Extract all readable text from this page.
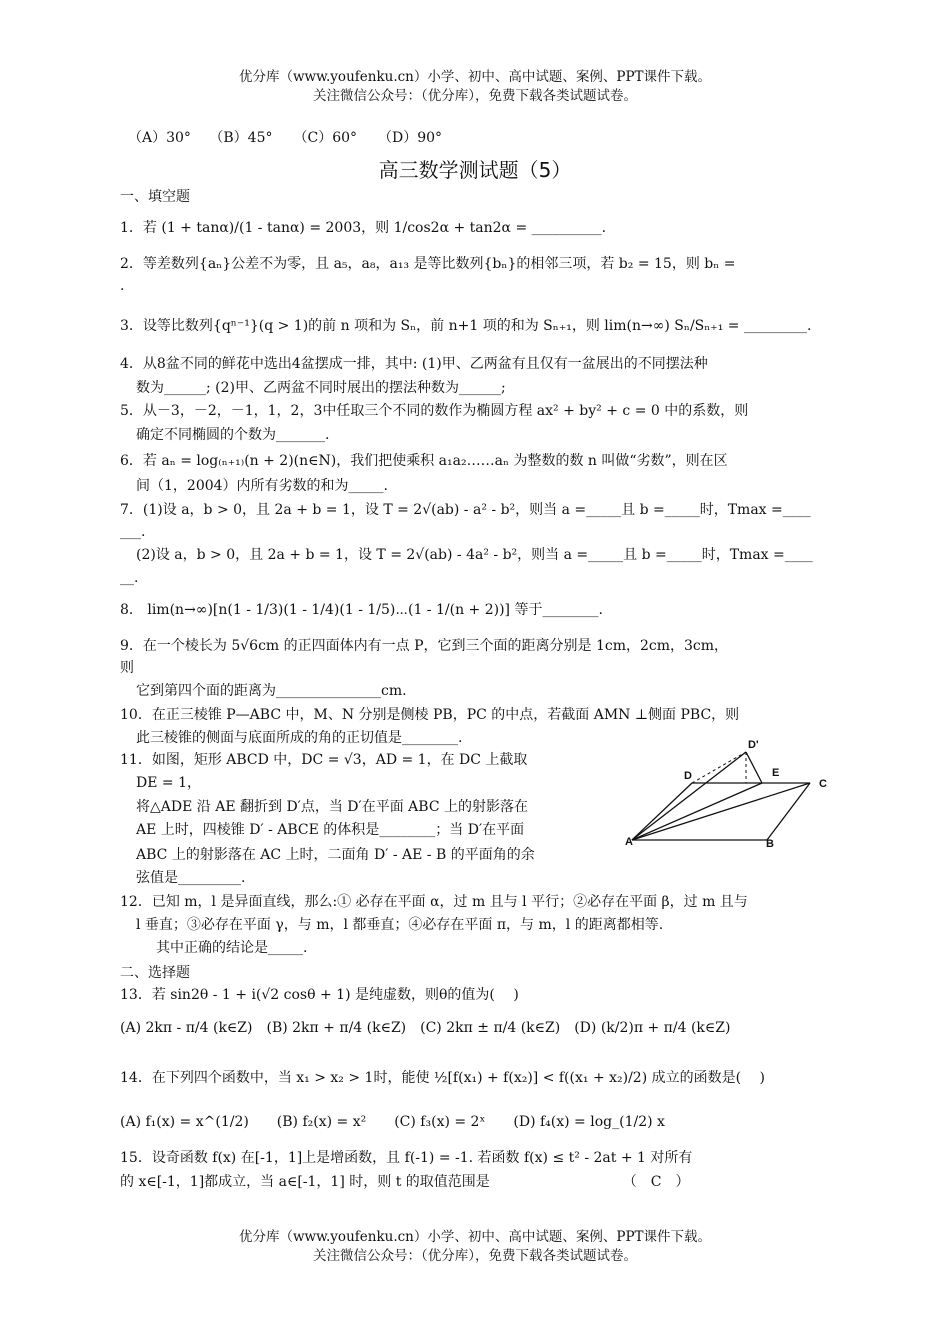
优分库（www.youfenku.cn）小学、初中、高中试题、案例、PPT课件下载。
关注微信公众号：（优分库），免费下载各类试题试卷。
（A）30°　 （B）45°　　（C）60°　　（D）90°
高三数学测试题（5）
一、填空题
1．若 (1 + tanα)/(1 - tanα) = 2003，则 1/cos2α + tan2α = __________.
2．等差数列{aₙ}公差不为零，且 a₅，a₈，a₁₃ 是等比数列{bₙ}的相邻三项，若 b₂ = 15，则 bₙ =
.
3．设等比数列{qⁿ⁻¹}(q > 1)的前 n 项和为 Sₙ，前 n+1 项的和为 Sₙ₊₁，则 lim(n→∞) Sₙ/Sₙ₊₁ = _________.
4．从8盆不同的鲜花中选出4盆摆成一排，其中: (1)甲、乙两盆有且仅有一盆展出的不同摆法种
数为______; (2)甲、乙两盆不同时展出的摆法种数为______;
5．从－3，－2，－1，1，2，3中任取三个不同的数作为椭圆方程 ax² + by² + c = 0 中的系数，则
确定不同椭圆的个数为_______.
6．若 aₙ = log₍ₙ₊₁₎(n + 2)(n∈N)，我们把使乘积 a₁a₂……aₙ 为整数的数 n 叫做“劣数”，则在区
间（1，2004）内所有劣数的和为_____.
7．(1)设 a，b > 0，且 2a + b = 1，设 T = 2√(ab) - a² - b²，则当 a =_____且 b =_____时，Tmax =____
___.
(2)设 a，b > 0，且 2a + b = 1，设 T = 2√(ab) - 4a² - b²，则当 a =_____且 b =_____时，Tmax =____
__.
8． lim(n→∞)[n(1 - 1/3)(1 - 1/4)(1 - 1/5)⋯(1 - 1/(n + 2))] 等于________.
9．在一个棱长为 5√6cm 的正四面体内有一点 P，它到三个面的距离分别是 1cm，2cm，3cm，
则
它到第四个面的距离为_______________cm.
10．在正三棱锥 P—ABC 中，M、N 分别是侧棱 PB，PC 的中点，若截面 AMN ⊥侧面 PBC，则
此三棱锥的侧面与底面所成的角的正切值是________.
11．如图，矩形 ABCD 中，DC = √3，AD = 1，在 DC 上截取
DE = 1，
将△ADE 沿 AE 翻折到 D′点，当 D′在平面 ABC 上的射影落在
AE 上时，四棱锥 D′ - ABCE 的体积是________；当 D′在平面
ABC 上的射影落在 AC 上时，二面角 D′ - AE - B 的平面角的余
弦值是_________.
12．已知 m，l 是异面直线，那么:① 必存在平面 α，过 m 且与 l 平行；②必存在平面 β，过 m 且与
l 垂直；③必存在平面 γ，与 m，l 都垂直；④必存在平面 π，与 m，l 的距离都相等.
其中正确的结论是_____.
二、选择题
13．若 sin2θ - 1 + i(√2 cosθ + 1) 是纯虚数，则θ的值为(　 )
(A) 2kπ - π/4 (k∈Z)　(B) 2kπ + π/4 (k∈Z)　(C) 2kπ ± π/4 (k∈Z)　(D) (k/2)π + π/4 (k∈Z)
14．在下列四个函数中，当 x₁ > x₂ > 1时，能使 ½[f(x₁) + f(x₂)] < f((x₁ + x₂)/2) 成立的函数是(　 )
(A) f₁(x) = x^(1/2)　　(B) f₂(x) = x²　　(C) f₃(x) = 2ˣ　　(D) f₄(x) = log_(1/2) x
15．设奇函数 f(x) 在[-1，1]上是增函数，且 f(-1) = -1. 若函数 f(x) ≤ t² - 2at + 1 对所有
的 x∈[-1，1]都成立，当 a∈[-1，1] 时，则 t 的取值范围是　　　　　　　　　　（　C　）
D'
D	E
C
A	B
优分库（www.youfenku.cn）小学、初中、高中试题、案例、PPT课件下载。
关注微信公众号：（优分库），免费下载各类试题试卷。
